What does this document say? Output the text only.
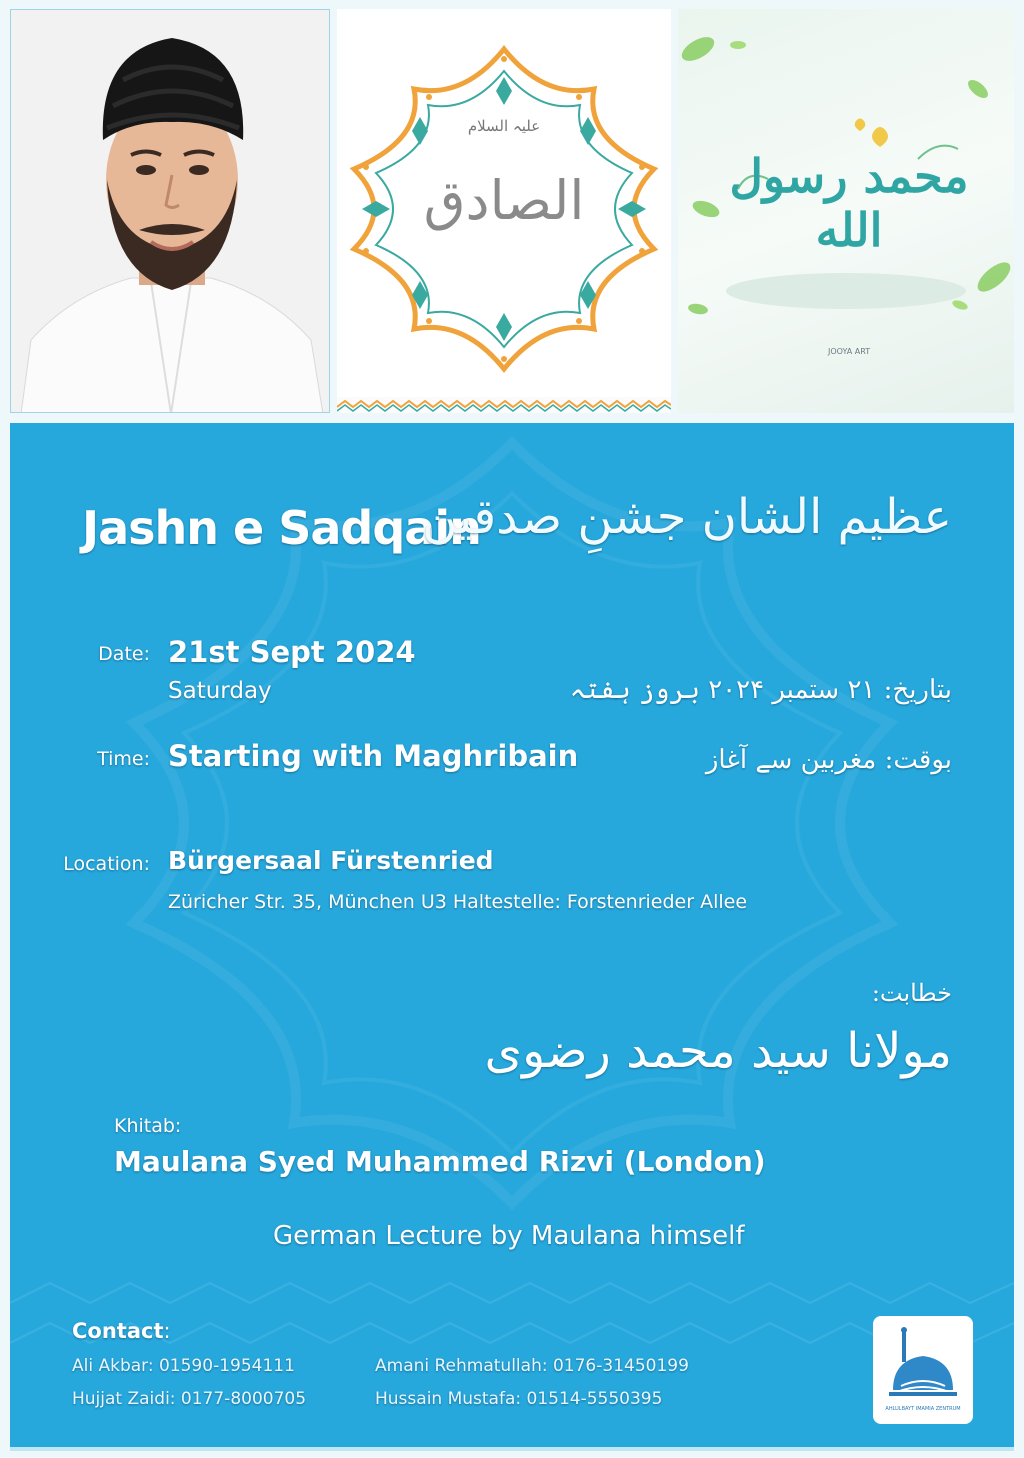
علیہ السلام
الصادق	محمد رسول الله
JOOYA ART
Jashn e Sadqain
عظیم الشان جشنِ صدقین
Date: 21st Sept 2024
Saturday	بتاریخ: ۲۱ ستمبر ۲۰۲۴ بروز ہفتہ
Time: Starting with Maghribain	بوقت: مغربین سے آغاز
Location: Bürgersaal Fürstenried
Züricher Str. 35, München U3 Haltestelle: Forstenrieder Allee
خطابت:
مولانا سید محمد رضوی
Khitab:
Maulana Syed Muhammed Rizvi (London)
German Lecture by Maulana himself
Contact:
Ali Akbar: 01590-1954111	Amani Rehmatullah: 0176-31450199
Hujjat Zaidi: 0177-8000705	Hussain Mustafa: 01514-5550395	AHLULBAYT IMAMIA ZENTRUM
